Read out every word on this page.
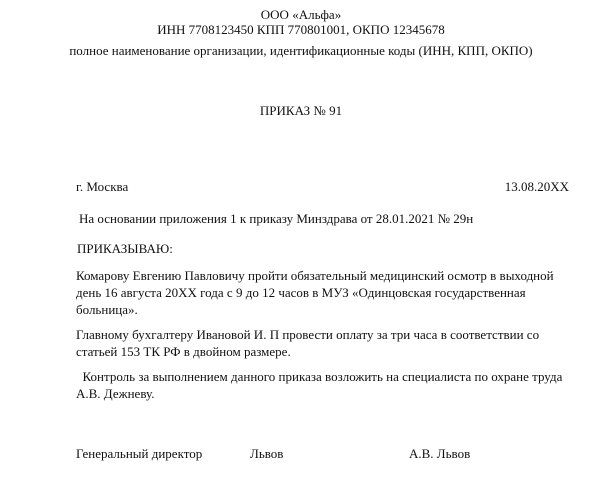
ООО «Альфа»
ИНН 7708123450 КПП 770801001, ОКПО 12345678
полное наименование организации, идентификационные коды (ИНН, КПП, ОКПО)
ПРИКАЗ № 91
г. Москва	13.08.20ХХ
На основании приложения 1 к приказу Минздрава от 28.01.2021 № 29н
ПРИКАЗЫВАЮ:
Комарову Евгению Павловичу пройти обязательный медицинский осмотр в выходной день 16 августа 20ХХ года с 9 до 12 часов в МУЗ «Одинцовская государственная больница».
Главному бухгалтеру Ивановой И. П провести оплату за три часа в соответствии со статьей 153 ТК РФ в двойном размере.
Контроль за выполнением данного приказа возложить на специалиста по охране труда А.В. Дежневу.
Генеральный директор	Львов	А.В. Львов
